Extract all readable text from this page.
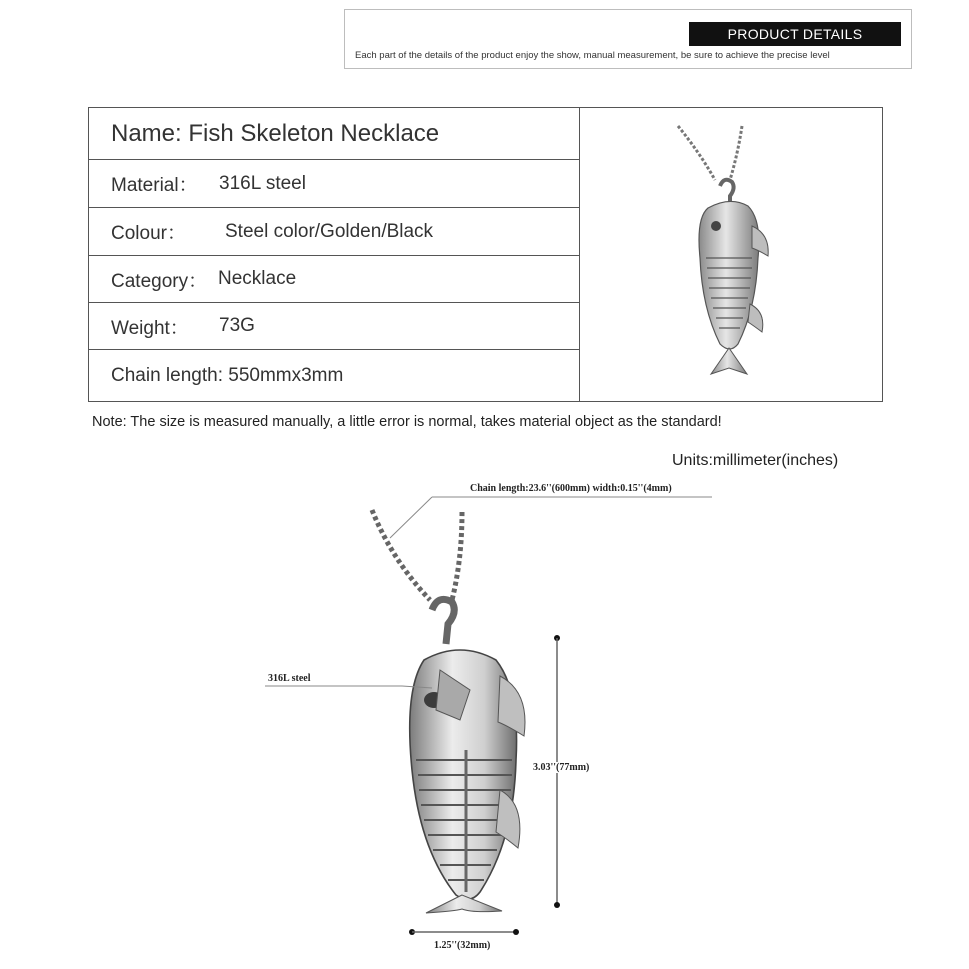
PRODUCT DETAILS
Each part of the details of the product enjoy the show, manual measurement, be sure to achieve the precise level
Name: Fish Skeleton Necklace
Material：	316L steel
Colour：	Steel color/Golden/Black
Category： Necklace
Weight：	73G
Chain length: 550mmx3mm
Note: The size is measured manually, a little error is normal, takes material object as the standard!
Units:millimeter(inches)
Chain length:23.6''(600mm) width:0.15''(4mm)
316L steel
3.03''(77mm)
1.25''(32mm)
